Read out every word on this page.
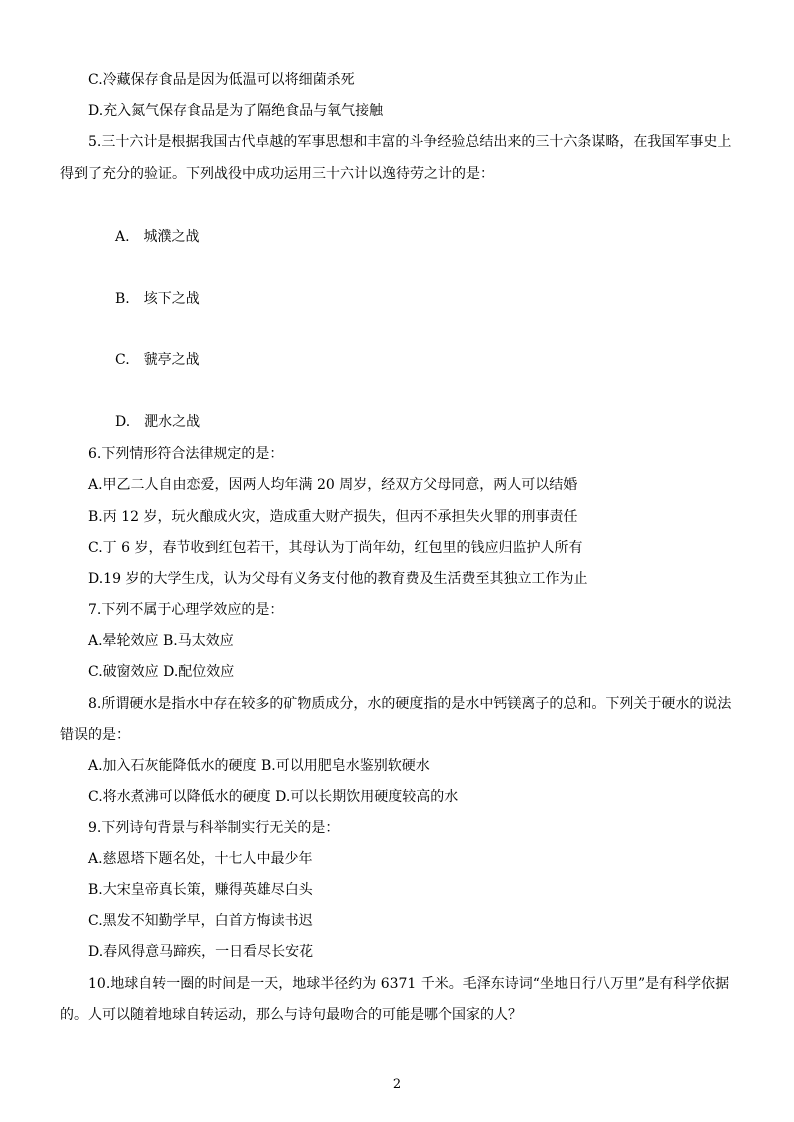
C.冷藏保存食品是因为低温可以将细菌杀死
D.充入氮气保存食品是为了隔绝食品与氧气接触
5.三十六计是根据我国古代卓越的军事思想和丰富的斗争经验总结出来的三十六条谋略，在我国军事史上
得到了充分的验证。下列战役中成功运用三十六计以逸待劳之计的是：
A.　城濮之战
B.　垓下之战
C.　虢亭之战
D.　淝水之战
6.下列情形符合法律规定的是：
A.甲乙二人自由恋爱，因两人均年满 20 周岁，经双方父母同意，两人可以结婚
B.丙 12 岁，玩火酿成火灾，造成重大财产损失，但丙不承担失火罪的刑事责任
C.丁 6 岁，春节收到红包若干，其母认为丁尚年幼，红包里的钱应归监护人所有
D.19 岁的大学生戊，认为父母有义务支付他的教育费及生活费至其独立工作为止
7.下列不属于心理学效应的是：
A.晕轮效应 B.马太效应
C.破窗效应 D.配位效应
8.所谓硬水是指水中存在较多的矿物质成分，水的硬度指的是水中钙镁离子的总和。下列关于硬水的说法
错误的是：
A.加入石灰能降低水的硬度 B.可以用肥皂水鉴别软硬水
C.将水煮沸可以降低水的硬度 D.可以长期饮用硬度较高的水
9.下列诗句背景与科举制实行无关的是：
A.慈恩塔下题名处，十七人中最少年
B.大宋皇帝真长策，赚得英雄尽白头
C.黑发不知勤学早，白首方悔读书迟
D.春风得意马蹄疾，一日看尽长安花
10.地球自转一圈的时间是一天，地球半径约为 6371 千米。毛泽东诗词“坐地日行八万里”是有科学依据
的。人可以随着地球自转运动，那么与诗句最吻合的可能是哪个国家的人？
2
